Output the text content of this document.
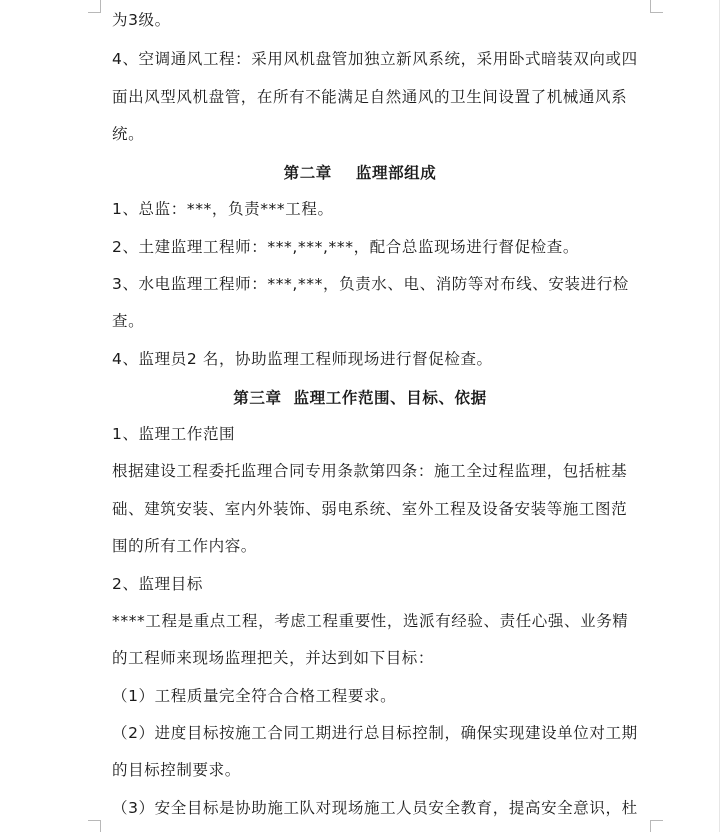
为3级。
4、空调通风工程：采用风机盘管加独立新风系统，采用卧式暗装双向或四
面出风型风机盘管，在所有不能满足自然通风的卫生间设置了机械通风系
统。
第二章    监理部组成
1、总监：***，负责***工程。
2、土建监理工程师：***,***,***，配合总监现场进行督促检查。
3、水电监理工程师：***,***，负责水、电、消防等对布线、安装进行检
查。
4、监理员2 名，协助监理工程师现场进行督促检查。
第三章  监理工作范围、目标、依据
1、监理工作范围
根据建设工程委托监理合同专用条款第四条：施工全过程监理，包括桩基
础、建筑安装、室内外装饰、弱电系统、室外工程及设备安装等施工图范
围的所有工作内容。
2、监理目标
****工程是重点工程，考虑工程重要性，选派有经验、责任心强、业务精
的工程师来现场监理把关，并达到如下目标：
（1）工程质量完全符合合格工程要求。
（2）进度目标按施工合同工期进行总目标控制，确保实现建设单位对工期
的目标控制要求。
（3）安全目标是协助施工队对现场施工人员安全教育，提高安全意识，杜
